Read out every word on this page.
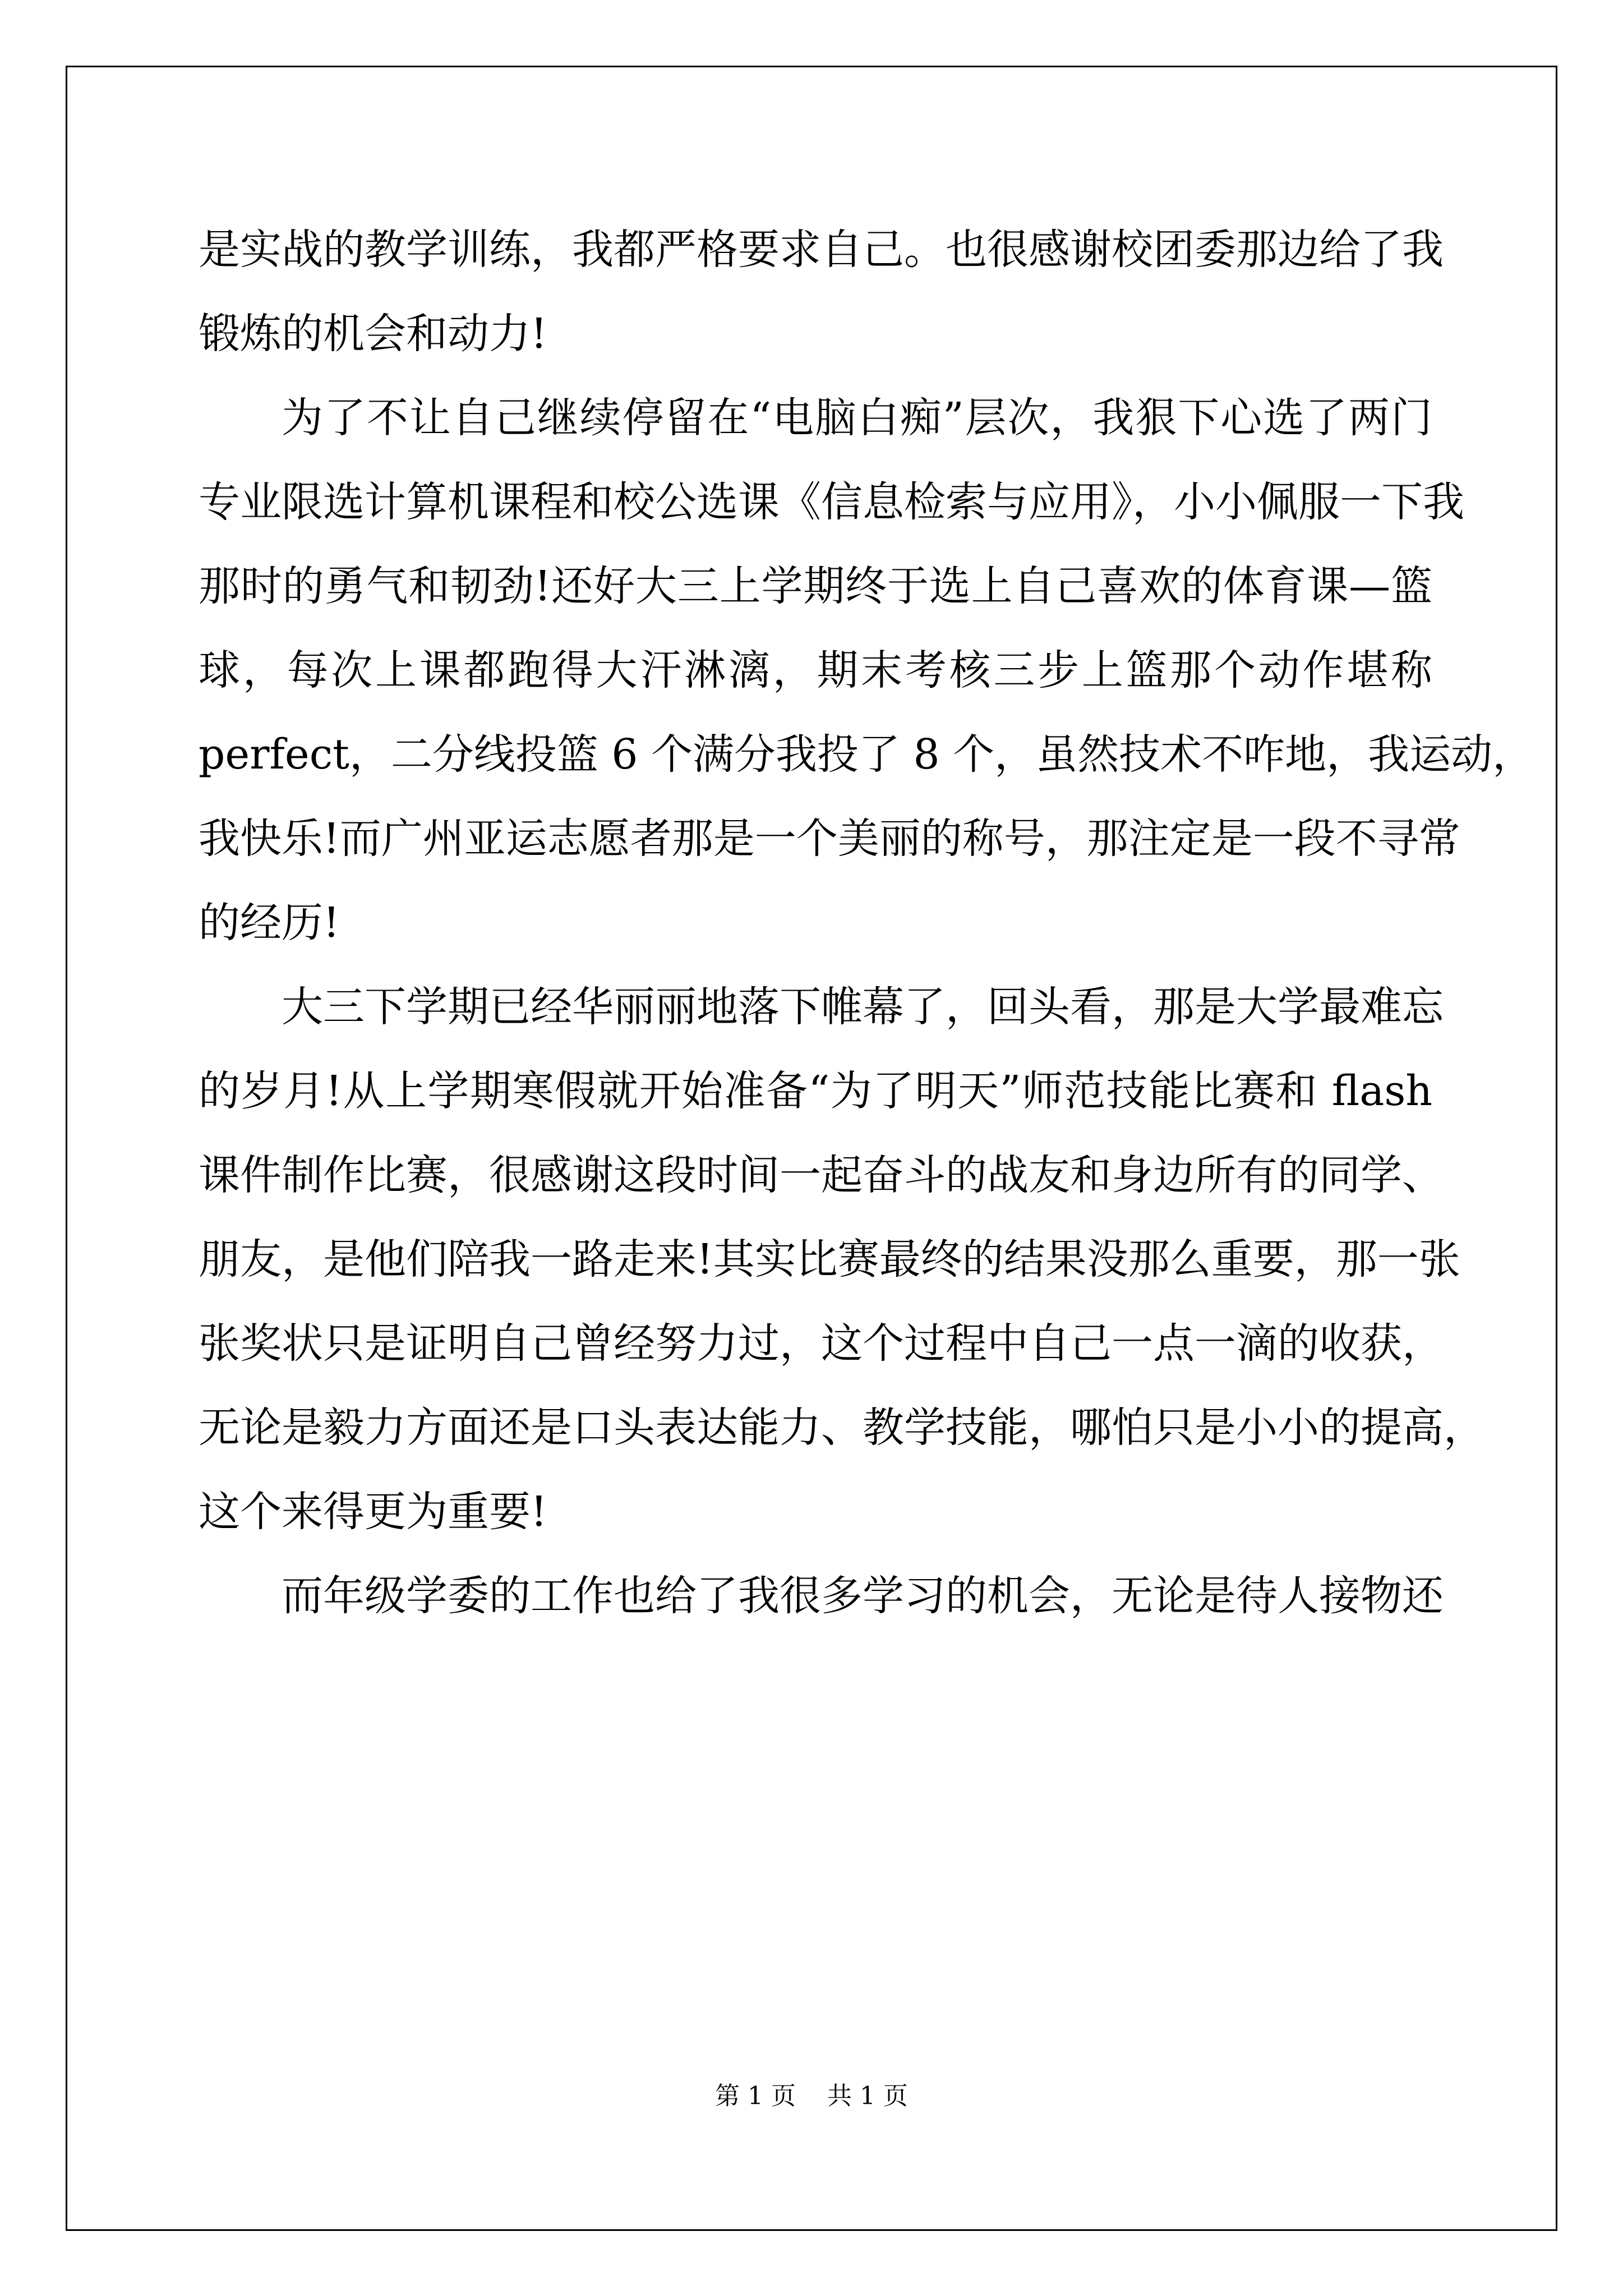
是实战的教学训练，我都严格要求自己。也很感谢校团委那边给了我
锻炼的机会和动力!
为了不让自己继续停留在“电脑白痴”层次，我狠下心选了两门
专业限选计算机课程和校公选课《信息检索与应用》，小小佩服一下我
那时的勇气和韧劲!还好大三上学期终于选上自己喜欢的体育课—篮
球，每次上课都跑得大汗淋漓，期末考核三步上篮那个动作堪称
perfect，二分线投篮 6 个满分我投了 8 个，虽然技术不咋地，我运动，
我快乐!而广州亚运志愿者那是一个美丽的称号，那注定是一段不寻常
的经历!
大三下学期已经华丽丽地落下帷幕了，回头看，那是大学最难忘
的岁月!从上学期寒假就开始准备“为了明天”师范技能比赛和 flash
课件制作比赛，很感谢这段时间一起奋斗的战友和身边所有的同学、
朋友，是他们陪我一路走来!其实比赛最终的结果没那么重要，那一张
张奖状只是证明自己曾经努力过，这个过程中自己一点一滴的收获，
无论是毅力方面还是口头表达能力、教学技能，哪怕只是小小的提高，
这个来得更为重要!
而年级学委的工作也给了我很多学习的机会，无论是待人接物还
第 1 页    共 1 页
